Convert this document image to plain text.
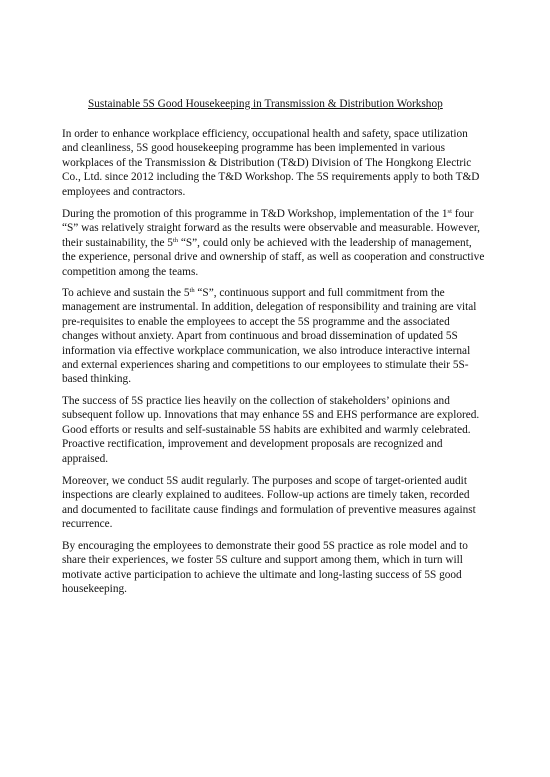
Sustainable 5S Good Housekeeping in Transmission & Distribution Workshop
In order to enhance workplace efficiency, occupational health and safety, space utilization
and cleanliness, 5S good housekeeping programme has been implemented in various
workplaces of the Transmission & Distribution (T&D) Division of The Hongkong Electric
Co., Ltd. since 2012 including the T&D Workshop. The 5S requirements apply to both T&D
employees and contractors.
During the promotion of this programme in T&D Workshop, implementation of the 1st four
“S” was relatively straight forward as the results were observable and measurable. However,
their sustainability, the 5th “S”, could only be achieved with the leadership of management,
the experience, personal drive and ownership of staff, as well as cooperation and constructive
competition among the teams.
To achieve and sustain the 5th “S”, continuous support and full commitment from the
management are instrumental. In addition, delegation of responsibility and training are vital
pre-requisites to enable the employees to accept the 5S programme and the associated
changes without anxiety. Apart from continuous and broad dissemination of updated 5S
information via effective workplace communication, we also introduce interactive internal
and external experiences sharing and competitions to our employees to stimulate their 5S-
based thinking.
The success of 5S practice lies heavily on the collection of stakeholders’ opinions and
subsequent follow up. Innovations that may enhance 5S and EHS performance are explored.
Good efforts or results and self-sustainable 5S habits are exhibited and warmly celebrated.
Proactive rectification, improvement and development proposals are recognized and
appraised.
Moreover, we conduct 5S audit regularly. The purposes and scope of target-oriented audit
inspections are clearly explained to auditees. Follow-up actions are timely taken, recorded
and documented to facilitate cause findings and formulation of preventive measures against
recurrence.
By encouraging the employees to demonstrate their good 5S practice as role model and to
share their experiences, we foster 5S culture and support among them, which in turn will
motivate active participation to achieve the ultimate and long-lasting success of 5S good
housekeeping.
